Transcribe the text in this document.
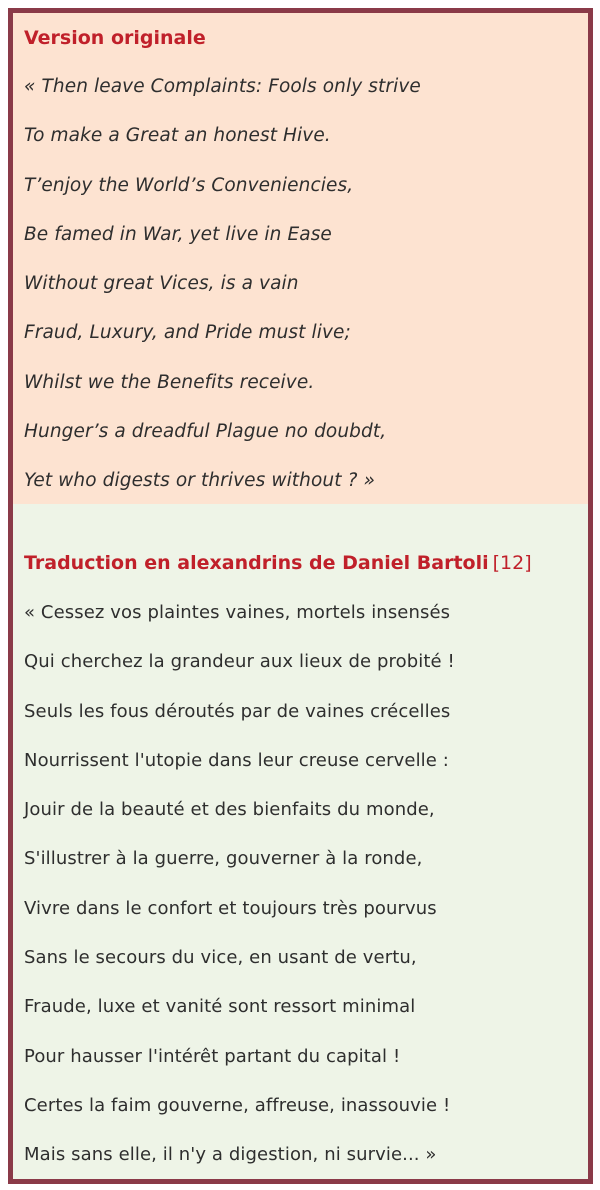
Version originale
« Then leave Complaints: Fools only strive
To make a Great an honest Hive.
T’enjoy the World’s Conveniencies,
Be famed in War, yet live in Ease
Without great Vices, is a vain
Fraud, Luxury, and Pride must live;
Whilst we the Benefits receive.
Hunger’s a dreadful Plague no doubdt,
Yet who digests or thrives without ? »
Traduction en alexandrins de Daniel Bartoli [12]
« Cessez vos plaintes vaines, mortels insensés
Qui cherchez la grandeur aux lieux de probité !
Seuls les fous déroutés par de vaines crécelles
Nourrissent l'utopie dans leur creuse cervelle :
Jouir de la beauté et des bienfaits du monde,
S'illustrer à la guerre, gouverner à la ronde,
Vivre dans le confort et toujours très pourvus
Sans le secours du vice, en usant de vertu,
Fraude, luxe et vanité sont ressort minimal
Pour hausser l'intérêt partant du capital !
Certes la faim gouverne, affreuse, inassouvie !
Mais sans elle, il n'y a digestion, ni survie... »
